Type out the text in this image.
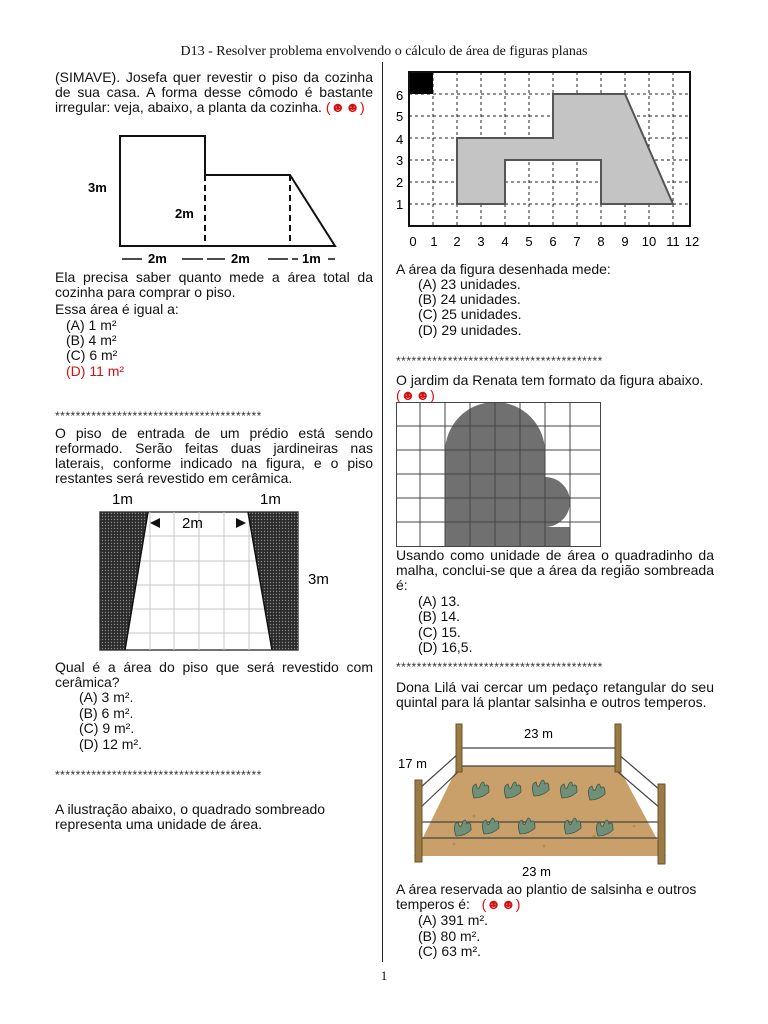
D13 - Resolver problema envolvendo o cálculo de área de figuras planas
(SIMAVE). Josefa quer revestir o piso da cozinha de sua casa. A forma desse cômodo é bastante irregular: veja, abaixo, a planta da cozinha. (☻☻)
3m
2m
2m	2m	1m
Ela precisa saber quanto mede a área total da cozinha para comprar o piso.
Essa área é igual a:
(A) 1 m²
(B) 4 m²
(C) 6 m²
(D) 11 m²
****************************************
O piso de entrada de um prédio está sendo reformado. Serão feitas duas jardineiras nas laterais, conforme indicado na figura, e o piso restantes será revestido em cerâmica.
1m	1m
2m
3m
Qual é a área do piso que será revestido com cerâmica?
(A) 3 m².
(B) 6 m².
(C) 9 m².
(D) 12 m².
****************************************
A ilustração abaixo, o quadrado sombreado representa uma unidade de área.
6
5
4
3
2
1
0 1 2 3 4 5 6 7 8 9 10 11 12
A área da figura desenhada mede:
(A) 23 unidades.
(B) 24 unidades.
(C) 25 unidades.
(D) 29 unidades.
****************************************
O jardim da Renata tem formato da figura abaixo.
(☻☻)
Usando como unidade de área o quadradinho da malha, conclui-se que a área da região sombreada é:
(A) 13.
(B) 14.
(C) 15.
(D) 16,5.
****************************************
Dona Lilá vai cercar um pedaço retangular do seu quintal para lá plantar salsinha e outros temperos.
23 m
17 m
23 m
A área reservada ao plantio de salsinha e outros temperos é: (☻☻)
(A) 391 m².
(B) 80 m².
(C) 63 m².
1
